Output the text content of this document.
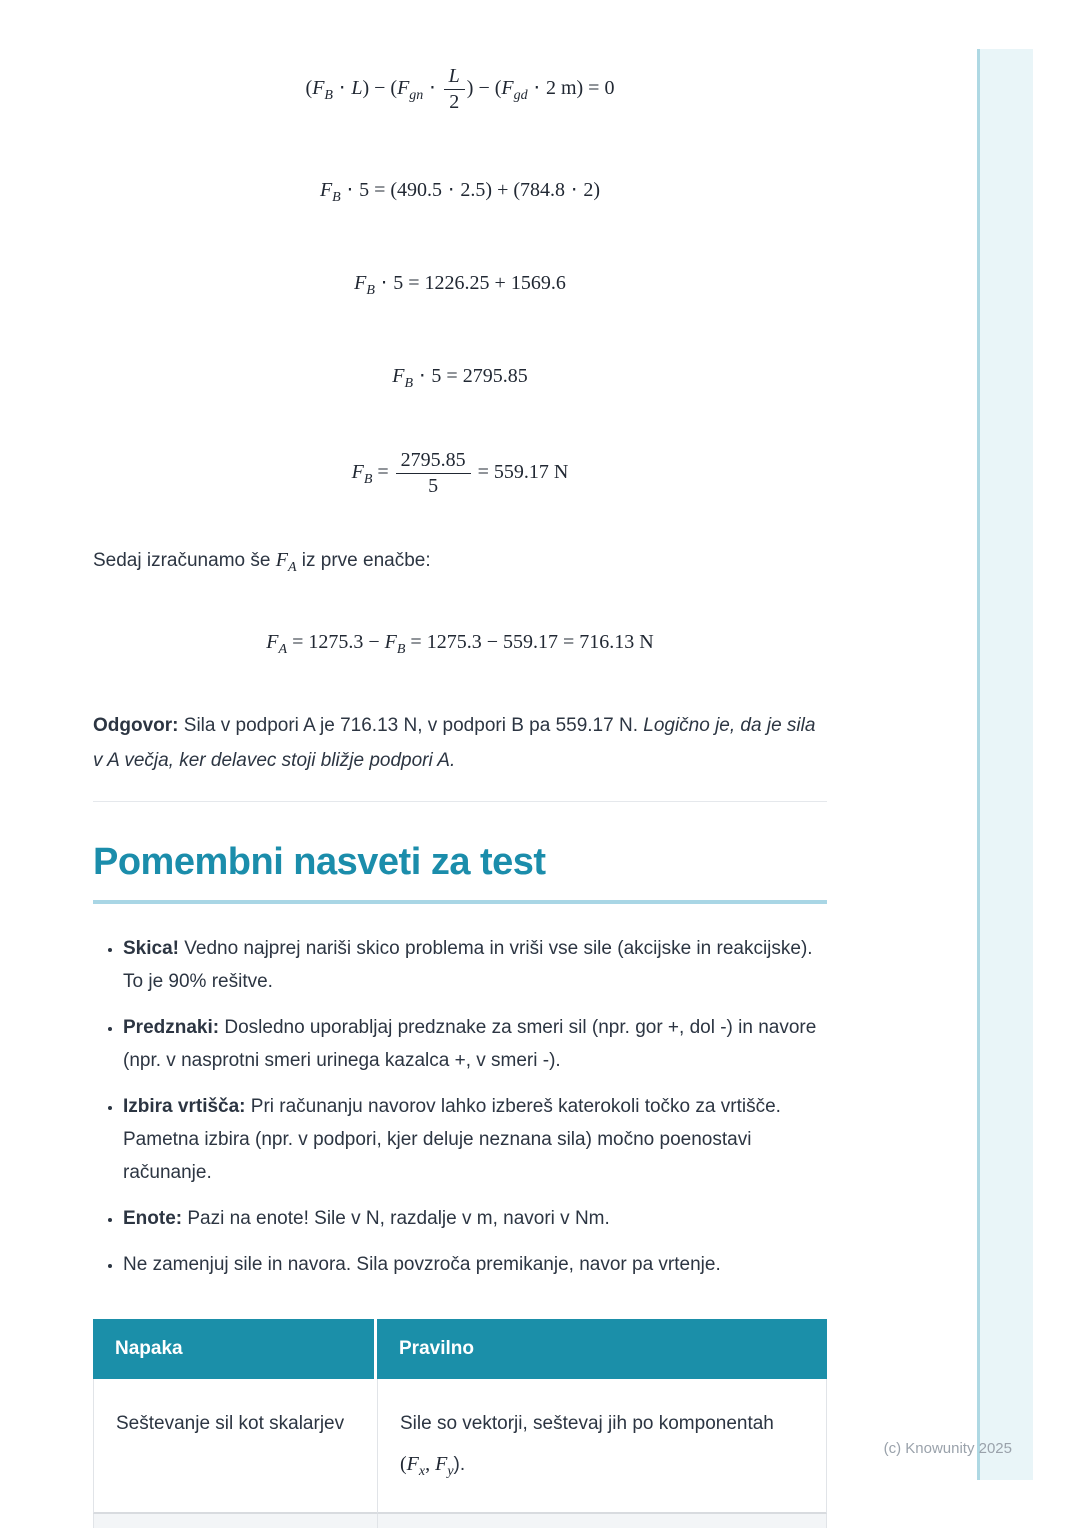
$(F_B \cdot L) - (F_{gn} \cdot \frac{L}{2}$ ) − ($F_{gd} \cdot 2$ m) = 0
$F_B \cdot 5 = (490.5 \cdot 2.5) + (784.8 \cdot 2)$
$F_B \cdot 5 = 1226.25 + 1569.6$
$F_B \cdot 5 = 2795.85$
$F_B = \frac{2795.85}{5} = 559.17$ N

Sedaj izračunamo še $F_A$ iz prve enačbe:

$F_A = 1275.3 - F_B = 1275.3 - 559.17 = 716.13$ N

Odgovor: Sila v podpori A je 716.13 N, v podpori B pa 559.17 N. Logično je, da je sila v A večja, ker delavec stoji bližje podpori A.

Pomembni nasveti za test
• Skica! Vedno najprej nariši skico problema in vriši vse sile (akcijske in reakcijske). To je 90% rešitve.
• Predznaki: Dosledno uporabljaj predznake za smeri sil (npr. gor +, dol -) in navore (npr. v nasprotni smeri urinega kazalca +, v smeri -).
• Izbira vrtišča: Pri računanju navorov lahko izbereš katerokoli točko za vrtišče. Pametna izbira (npr. v podpori, kjer deluje neznana sila) močno poenostavi računanje.
• Enote: Pazi na enote! Sile v N, razdalje v m, navori v Nm.
• Ne zamenjuj sile in navora. Sila povzroča premikanje, navor pa vrtenje.
Napaka	Pravilno
Seštevanje sil kot skalarjev	Sile so vektorji, seštevaj jih po komponentah ($F_x$, $F_y$).

(c) Knowunity 2025
